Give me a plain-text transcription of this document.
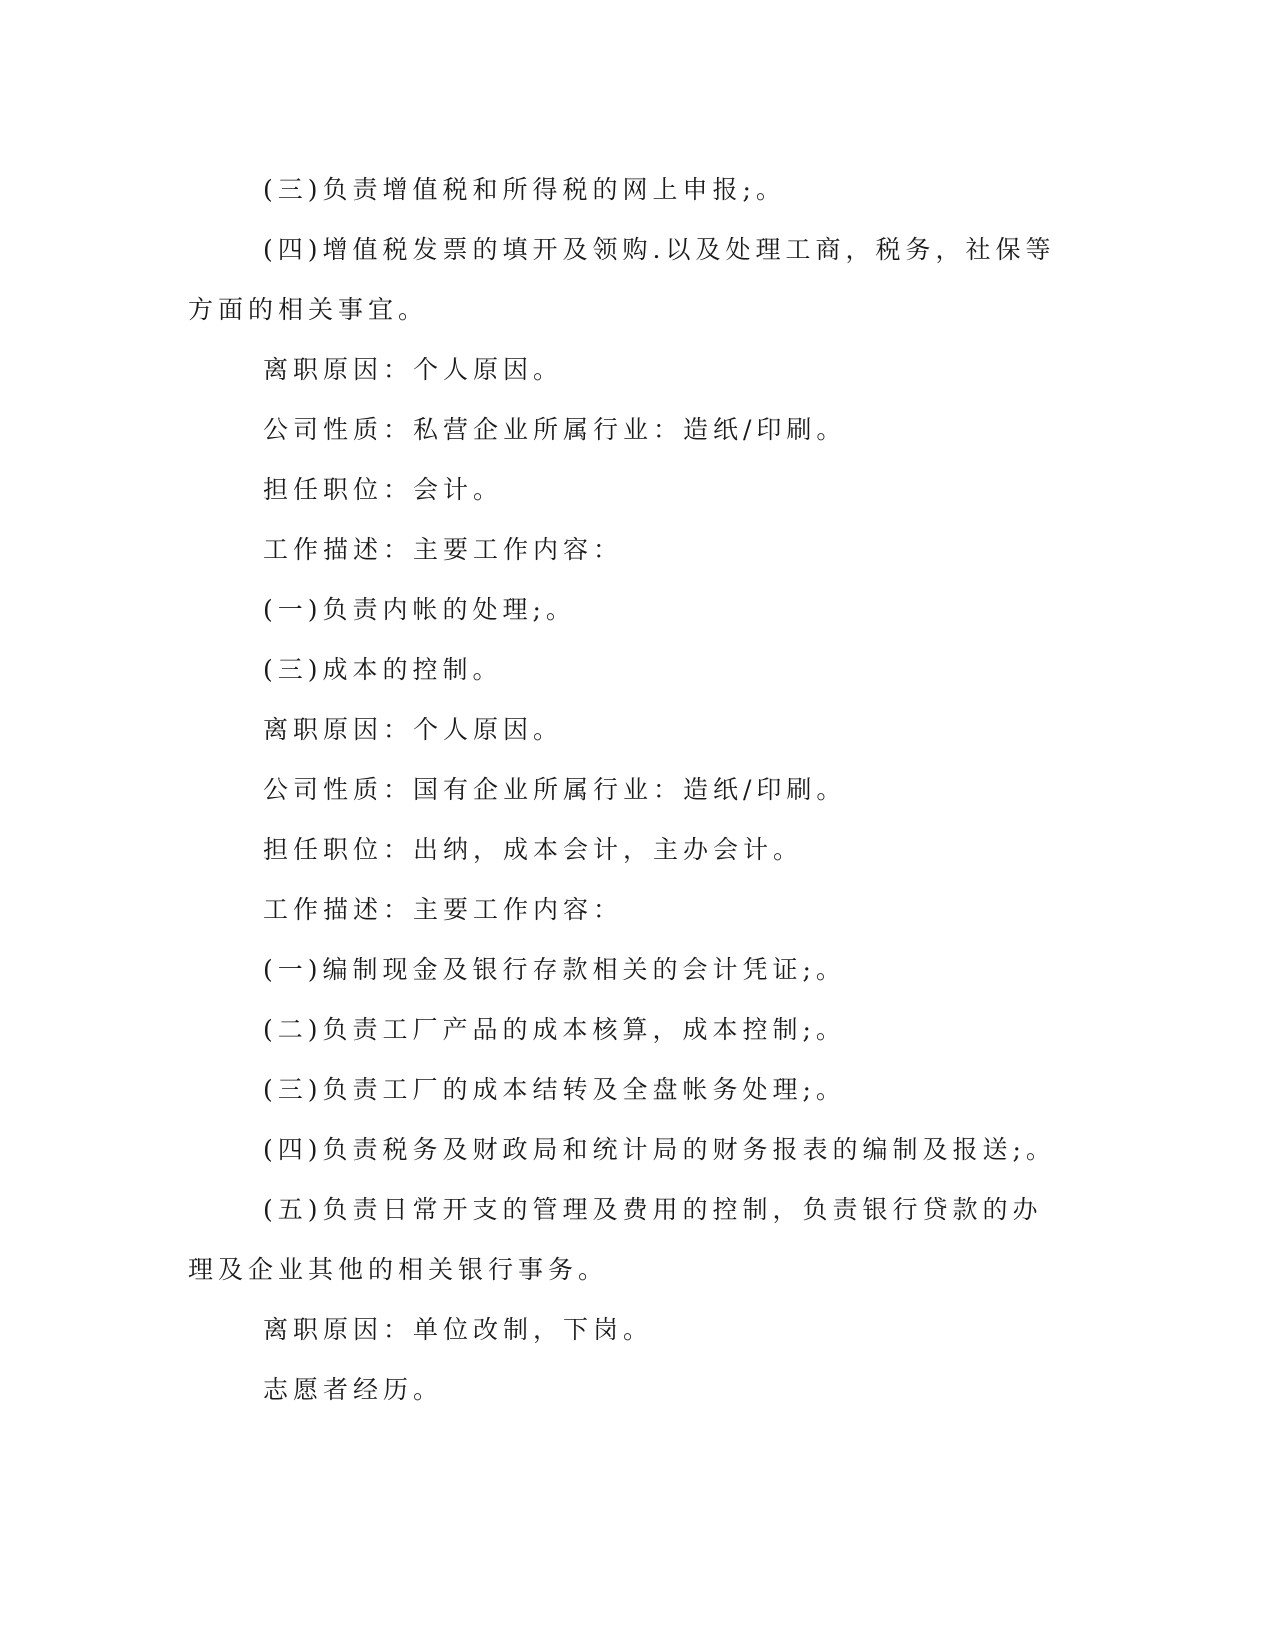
(三)负责增值税和所得税的网上申报;。

(四)增值税发票的填开及领购.以及处理工商，税务，社保等方面的相关事宜。

离职原因：个人原因。

公司性质：私营企业所属行业：造纸/印刷。

担任职位：会计。

工作描述：主要工作内容：

(一)负责内帐的处理;。

(三)成本的控制。

离职原因：个人原因。

公司性质：国有企业所属行业：造纸/印刷。

担任职位：出纳，成本会计，主办会计。

工作描述：主要工作内容：

(一)编制现金及银行存款相关的会计凭证;。

(二)负责工厂产品的成本核算，成本控制;。

(三)负责工厂的成本结转及全盘帐务处理;。

(四)负责税务及财政局和统计局的财务报表的编制及报送;。

(五)负责日常开支的管理及费用的控制，负责银行贷款的办理及企业其他的相关银行事务。

离职原因：单位改制，下岗。

志愿者经历。
